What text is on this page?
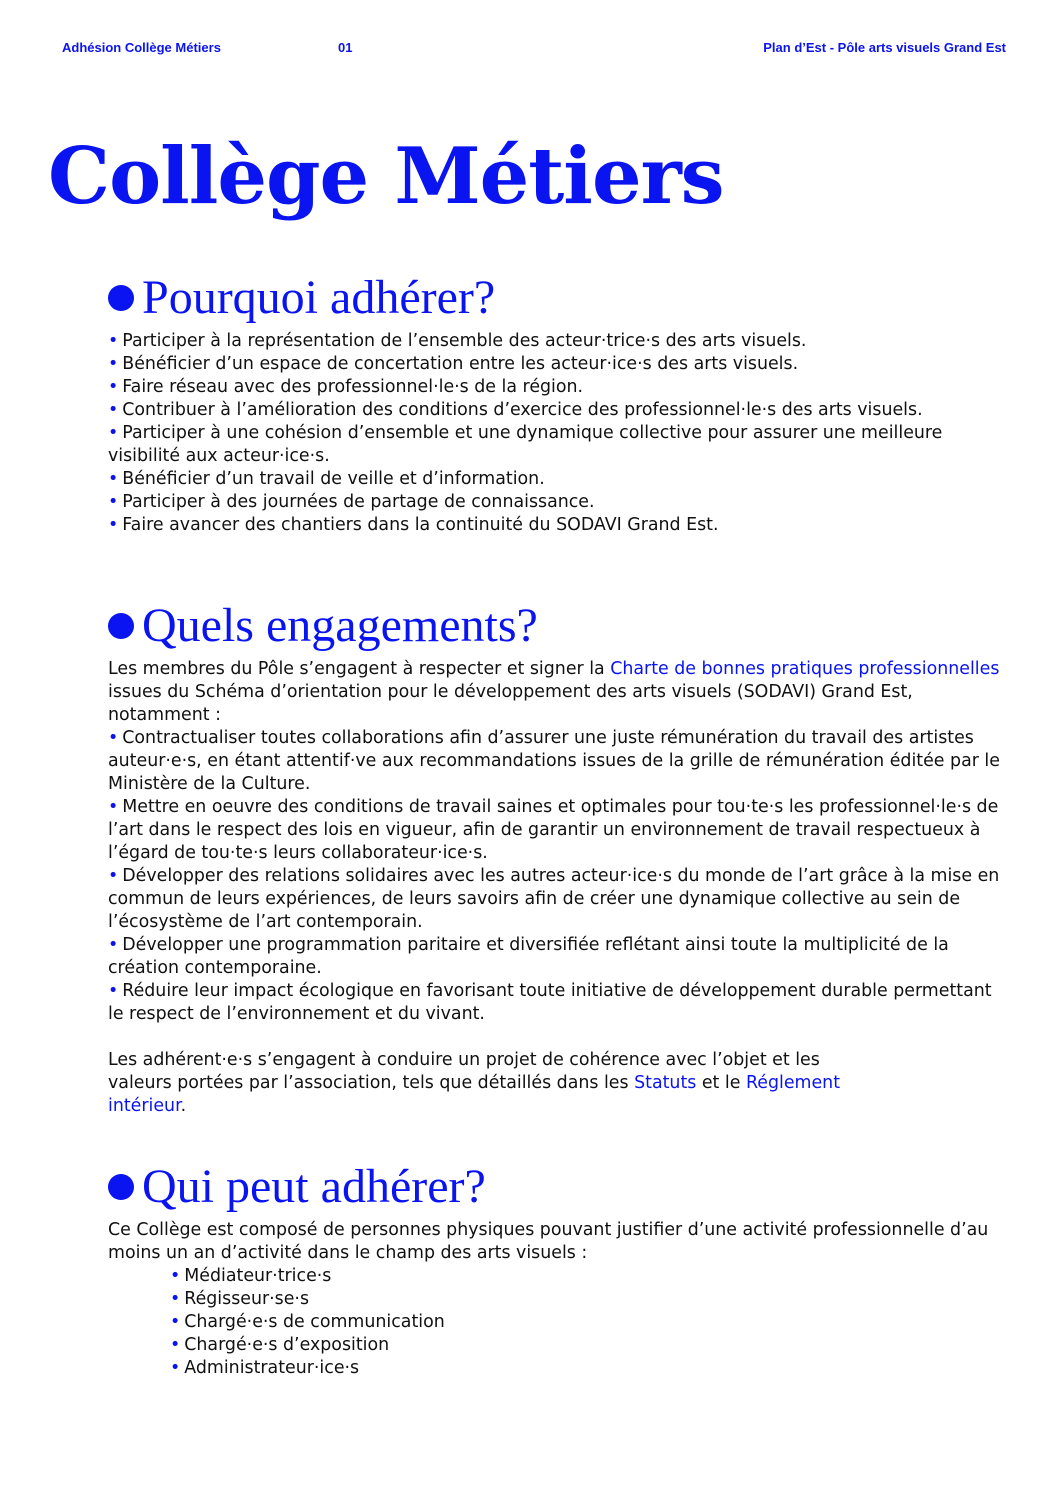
Adhésion Collège Métiers	01	Plan d’Est - Pôle arts visuels Grand Est
Collège Métiers
Pourquoi adhérer?
• Participer à la représentation de l’ensemble des acteur·trice·s des arts visuels.
• Bénéficier d’un espace de concertation entre les acteur·ice·s des arts visuels.
• Faire réseau avec des professionnel·le·s de la région.
• Contribuer à l’amélioration des conditions d’exercice des professionnel·le·s des arts visuels.
• Participer à une cohésion d’ensemble et une dynamique collective pour assurer une meilleure visibilité aux acteur·ice·s.
• Bénéficier d’un travail de veille et d’information.
• Participer à des journées de partage de connaissance.
• Faire avancer des chantiers dans la continuité du SODAVI Grand Est.
Quels engagements?

Les membres du Pôle s’engagent à respecter et signer la Charte de bonnes pratiques professionnelles issues du Schéma d’orientation pour le développement des arts visuels (SODAVI) Grand Est, notamment :

• Contractualiser toutes collaborations afin d’assurer une juste rémunération du travail des artistes auteur·e·s, en étant attentif·ve aux recommandations issues de la grille de rémunération éditée par le Ministère de la Culture.
• Mettre en oeuvre des conditions de travail saines et optimales pour tou·te·s les professionnel·le·s de l’art dans le respect des lois en vigueur, afin de garantir un environnement de travail respectueux à l’égard de tou·te·s leurs collaborateur·ice·s.
• Développer des relations solidaires avec les autres acteur·ice·s du monde de l’art grâce à la mise en commun de leurs expériences, de leurs savoirs afin de créer une dynamique collective au sein de l’écosystème de l’art contemporain.
• Développer une programmation paritaire et diversifiée reflétant ainsi toute la multiplicité de la création contemporaine.
• Réduire leur impact écologique en favorisant toute initiative de développement durable permettant le respect de l’environnement et du vivant.

Les adhérent·e·s s’engagent à conduire un projet de cohérence avec l’objet et les valeurs portées par l’association, tels que détaillés dans les Statuts et le Réglement intérieur.

Qui peut adhérer?

Ce Collège est composé de personnes physiques pouvant justifier d’une activité professionnelle d’au moins un an d’activité dans le champ des arts visuels :

• Médiateur·trice·s
• Régisseur·se·s
• Chargé·e·s de communication
• Chargé·e·s d’exposition
• Administrateur·ice·s
